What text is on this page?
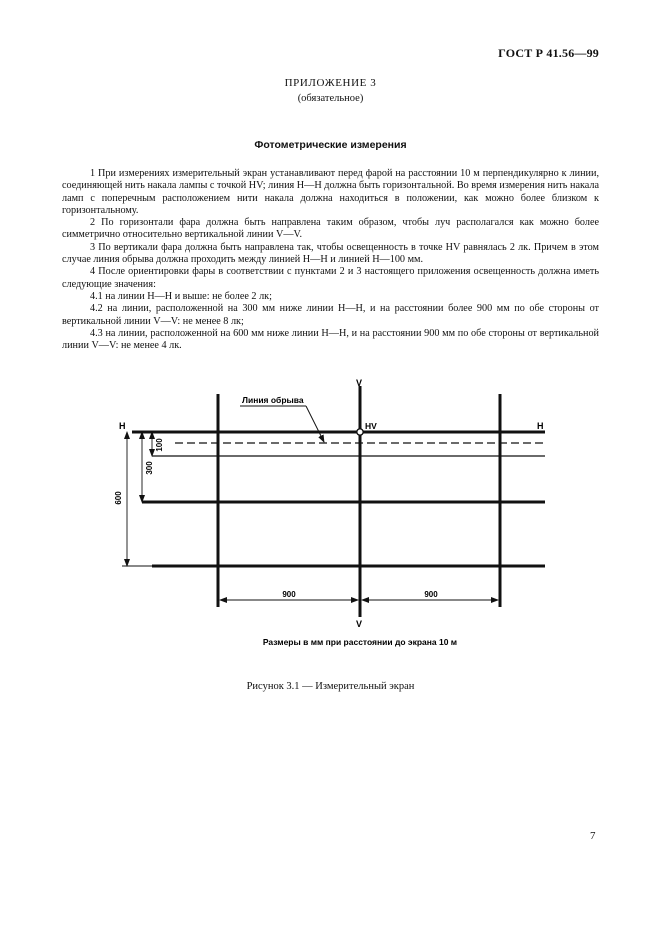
ГОСТ Р 41.56—99
ПРИЛОЖЕНИЕ 3
(обязательное)
Фотометрические измерения

1 При измерениях измерительный экран устанавливают перед фарой на расстоянии 10 м перпендикулярно к линии, соединяющей нить накала лампы с точкой HV; линия H—H должна быть горизонтальной. Во время измерения нить накала ламп с поперечным расположением нити накала должна находиться в положении, как можно более близком к горизонтальному.

2 По горизонтали фара должна быть направлена таким образом, чтобы луч располагался как можно более симметрично относительно вертикальной линии V—V.

3 По вертикали фара должна быть направлена так, чтобы освещенность в точке HV равнялась 2 лк. Причем в этом случае линия обрыва должна проходить между линией H—H и линией H—100 мм.

4 После ориентировки фары в соответствии с пунктами 2 и 3 настоящего приложения освещенность должна иметь следующие значения:

4.1 на линии H—H и выше: не более 2 лк;

4.2 на линии, расположенной на 300 мм ниже линии H—H, и на расстоянии более 900 мм по обе стороны от вертикальной линии V—V: не менее 8 лк;

4.3 на линии, расположенной на 600 мм ниже линии H—H, и на расстоянии 900 мм по обе стороны от вертикальной линии V—V: не менее 4 лк.

Линия обрыва
V
V
H	H
HV
100
300
600
900	900
Размеры в мм при расстоянии до экрана 10 м
Рисунок 3.1 — Измерительный экран
7
